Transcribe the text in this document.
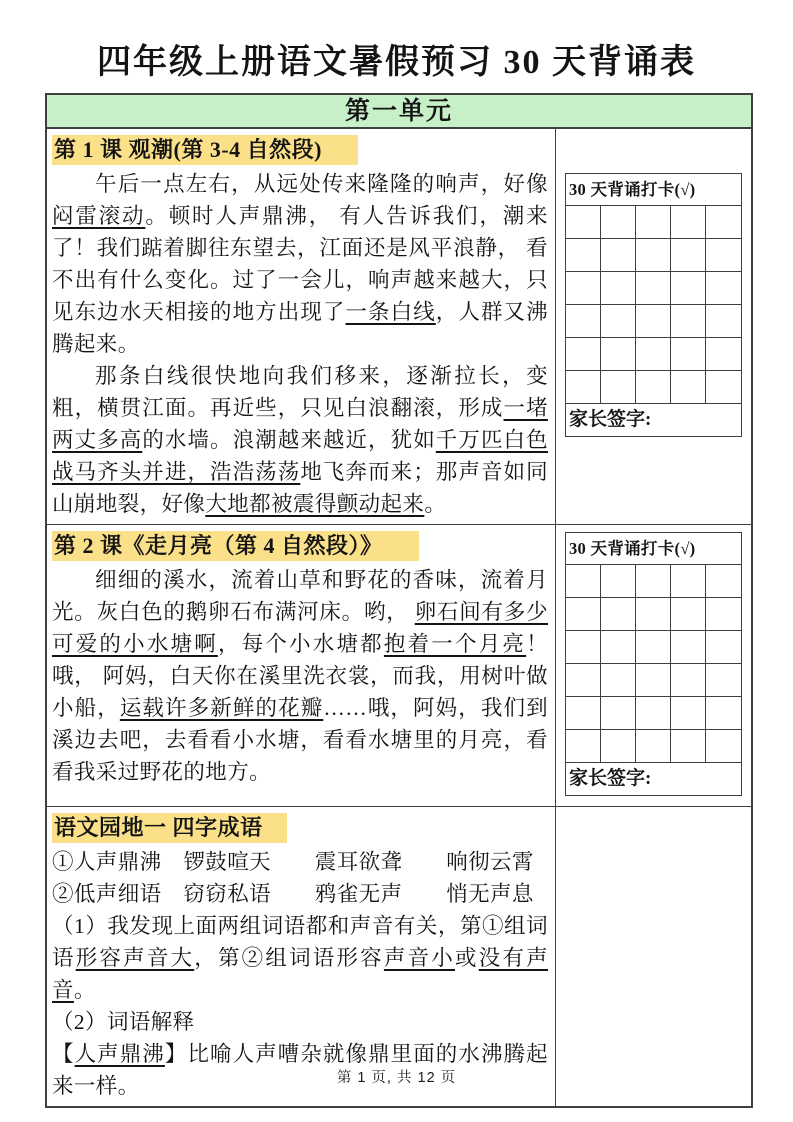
四年级上册语文暑假预习 30 天背诵表
第一单元
第 1 课 观潮(第 3-4 自然段)

午后一点左右，从远处传来隆隆的响声，好像闷雷滚动。顿时人声鼎沸， 有人告诉我们，潮来了！我们踮着脚往东望去，江面还是风平浪静， 看不出有什么变化。过了一会儿，响声越来越大，只见东边水天相接的地方出现了一条白线，人群又沸腾起来。

那条白线很快地向我们移来，逐渐拉长，变粗，横贯江面。再近些，只见白浪翻滚，形成一堵两丈多高的水墙。浪潮越来越近，犹如千万匹白色战马齐头并进，浩浩荡荡地飞奔而来；那声音如同山崩地裂，好像大地都被震得颤动起来。

30 天背诵打卡(√)
家长签字:
第 2 课《走月亮（第 4 自然段）》

细细的溪水，流着山草和野花的香味，流着月光。灰白色的鹅卵石布满河床。哟， 卵石间有多少可爱的小水塘啊，每个小水塘都抱着一个月亮！ 哦， 阿妈，白天你在溪里洗衣裳，而我，用树叶做小船，运载许多新鲜的花瓣……哦，阿妈，我们到溪边去吧，去看看小水塘，看看水塘里的月亮，看看我采过野花的地方。

30 天背诵打卡(√)
家长签字:
语文园地一 四字成语

①人声鼎沸　锣鼓喧天　　震耳欲聋　　响彻云霄

②低声细语　窃窃私语　　鸦雀无声　　悄无声息

（1）我发现上面两组词语都和声音有关，第①组词语形容声音大，第②组词语形容声音小或没有声音。

（2）词语解释

【人声鼎沸】比喻人声嘈杂就像鼎里面的水沸腾起来一样。	第 1 页, 共 12 页
